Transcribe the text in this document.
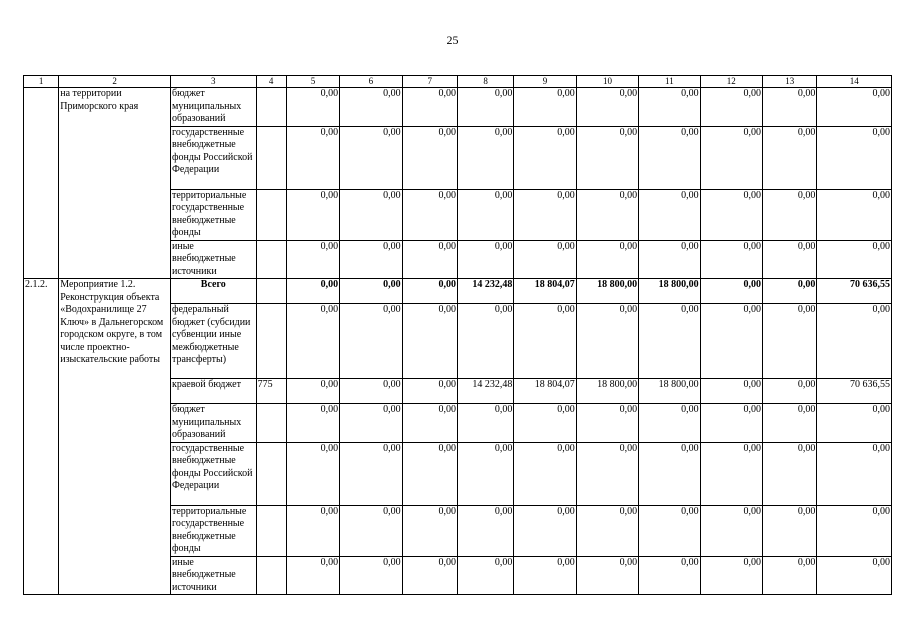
25
1	2	3	4	5	6	7	8	9	10	11	12	13	14
	на территории Приморского края	бюджет муниципальных образований		0,00	0,00	0,00	0,00	0,00	0,00	0,00	0,00	0,00	0,00
		государственные внебюджетные фонды Российской Федерации		0,00	0,00	0,00	0,00	0,00	0,00	0,00	0,00	0,00	0,00
		территориальные государственные внебюджетные фонды		0,00	0,00	0,00	0,00	0,00	0,00	0,00	0,00	0,00	0,00
		иные внебюджетные источники		0,00	0,00	0,00	0,00	0,00	0,00	0,00	0,00	0,00	0,00
2.1.2.	Мероприятие 1.2. Реконструкция объекта «Водохранилище 27 Ключ» в Дальнегорском городском округе, в том числе проектно-изыскательские работы	Всего		0,00	0,00	0,00	14 232,48	18 804,07	18 800,00	18 800,00	0,00	0,00	70 636,55
		федеральный бюджет (субсидии субвенции иные межбюджетные трансферты)		0,00	0,00	0,00	0,00	0,00	0,00	0,00	0,00	0,00	0,00
		краевой бюджет	775	0,00	0,00	0,00	14 232,48	18 804,07	18 800,00	18 800,00	0,00	0,00	70 636,55
		бюджет муниципальных образований		0,00	0,00	0,00	0,00	0,00	0,00	0,00	0,00	0,00	0,00
		государственные внебюджетные фонды Российской Федерации		0,00	0,00	0,00	0,00	0,00	0,00	0,00	0,00	0,00	0,00
		территориальные государственные внебюджетные фонды		0,00	0,00	0,00	0,00	0,00	0,00	0,00	0,00	0,00	0,00
		иные внебюджетные источники		0,00	0,00	0,00	0,00	0,00	0,00	0,00	0,00	0,00	0,00
